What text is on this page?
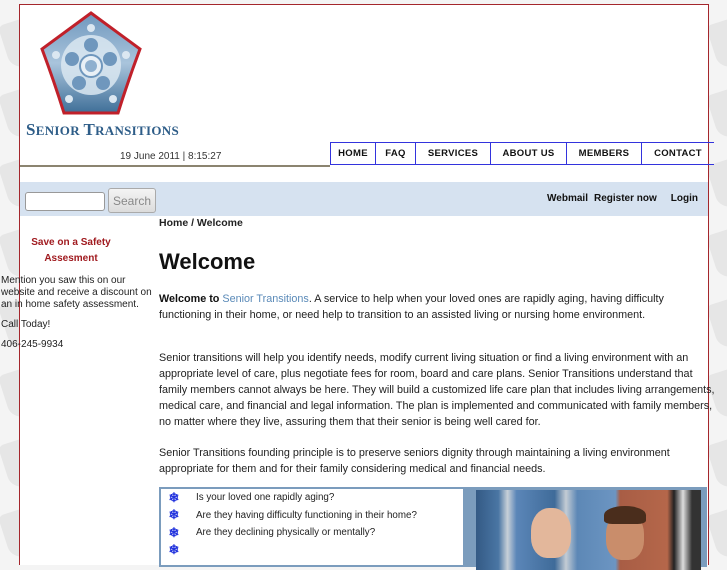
SENIOR TRANSITIONS
19 June 2011 | 8:15:27	HOME	FAQ	SERVICES	ABOUT US	MEMBERS	CONTACT
Search	Webmail Register now Login
Home / Welcome
Welcome

Welcome to Senior Transitions. A service to help when your loved ones are rapidly aging, having difficulty functioning in their home, or need help to transition to an assisted living or nursing home environment.

Senior transitions will help you identify needs, modify current living situation or find a living environment with an appropriate level of care, plus negotiate fees for room, board and care plans. Senior Transitions understand that family members cannot always be here. They will build a customized life care plan that includes living arrangements, medical care, and financial and legal information. The plan is implemented and communicated with family members, no matter where they live, assuring them that their senior is being well cared for.

Senior Transitions founding principle is to preserve seniors dignity through maintaining a living environment appropriate for them and for their family considering medical and financial needs.

Save on a Safety Assesment

Mention you saw this on our website and receive a discount on an in home safety assessment.

Call Today!

406-245-9934

❄	Is your loved one rapidly aging?
❄	Are they having difficulty functioning in their home?
❄	Are they declining physically or mentally?
❄
